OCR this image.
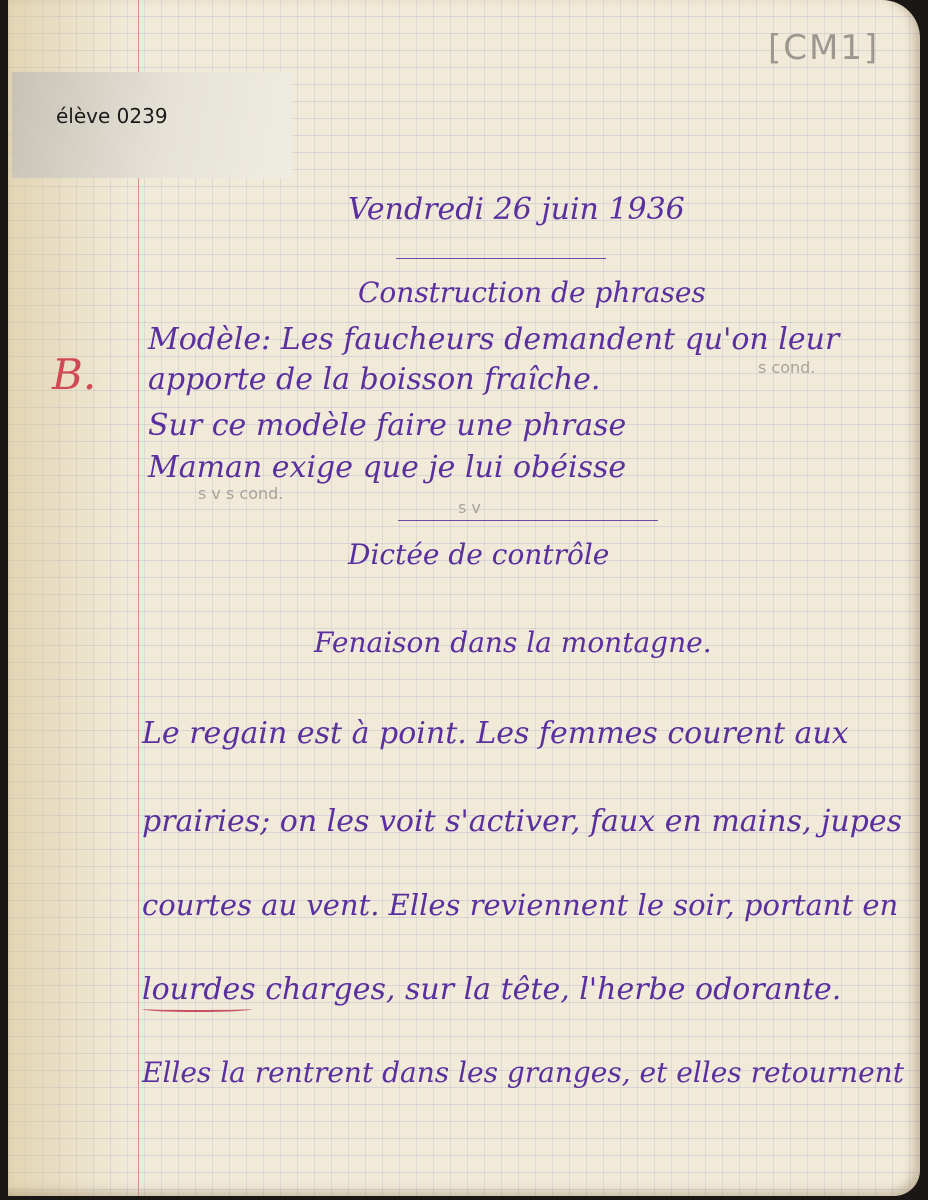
[CM1]
Vendredi 26 juin 1936
Construction de phrases
B.
Modèle: Les faucheurs demandent qu'on leur
apporte de la boisson fraîche.
Sur ce modèle faire une phrase
Maman exige que je lui obéisse
s cond.
s v s cond.
s v
Dictée de contrôle
Fenaison dans la montagne.
Le regain est à point. Les femmes courent aux
prairies; on les voit s'activer, faux en mains, jupes
courtes au vent. Elles reviennent le soir, portant en
lourdes charges, sur la tête, l'herbe odorante.
Elles la rentrent dans les granges, et elles retournent
élève 0239
